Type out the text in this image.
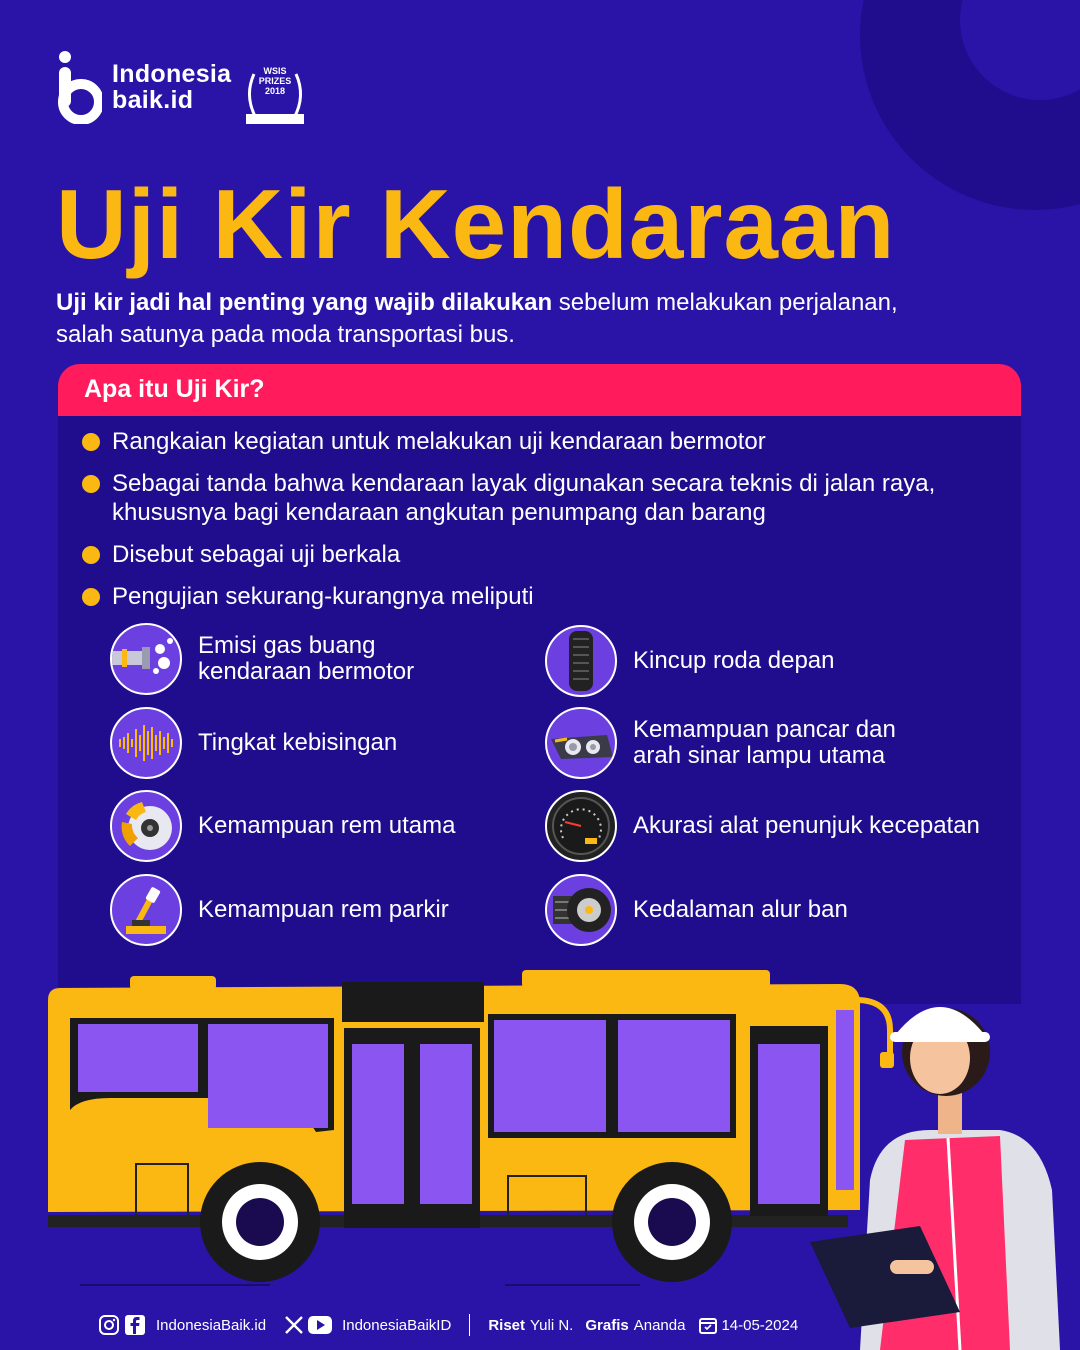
Indonesia
baik.id
WSIS
PRIZES
2018
WINNER
www.wsis.org
Uji Kir Kendaraan
Uji kir jadi hal penting yang wajib dilakukan sebelum melakukan perjalanan, salah satunya pada moda transportasi bus.
Apa itu Uji Kir?
Rangkaian kegiatan untuk melakukan uji kendaraan bermotor
Sebagai tanda bahwa kendaraan layak digunakan secara teknis di jalan raya, khususnya bagi kendaraan angkutan penumpang dan barang
Disebut sebagai uji berkala
Pengujian sekurang-kurangnya meliputi
Emisi gas buang kendaraan bermotor
Tingkat kebisingan
Kemampuan rem utama
Kemampuan rem parkir
Kincup roda depan
Kemampuan pancar dan arah sinar lampu utama
Akurasi alat penunjuk kecepatan
Kedalaman alur ban
IndonesiaBaik.id	IndonesiaBaikID Riset Yuli N. Grafis Ananda 14-05-2024
